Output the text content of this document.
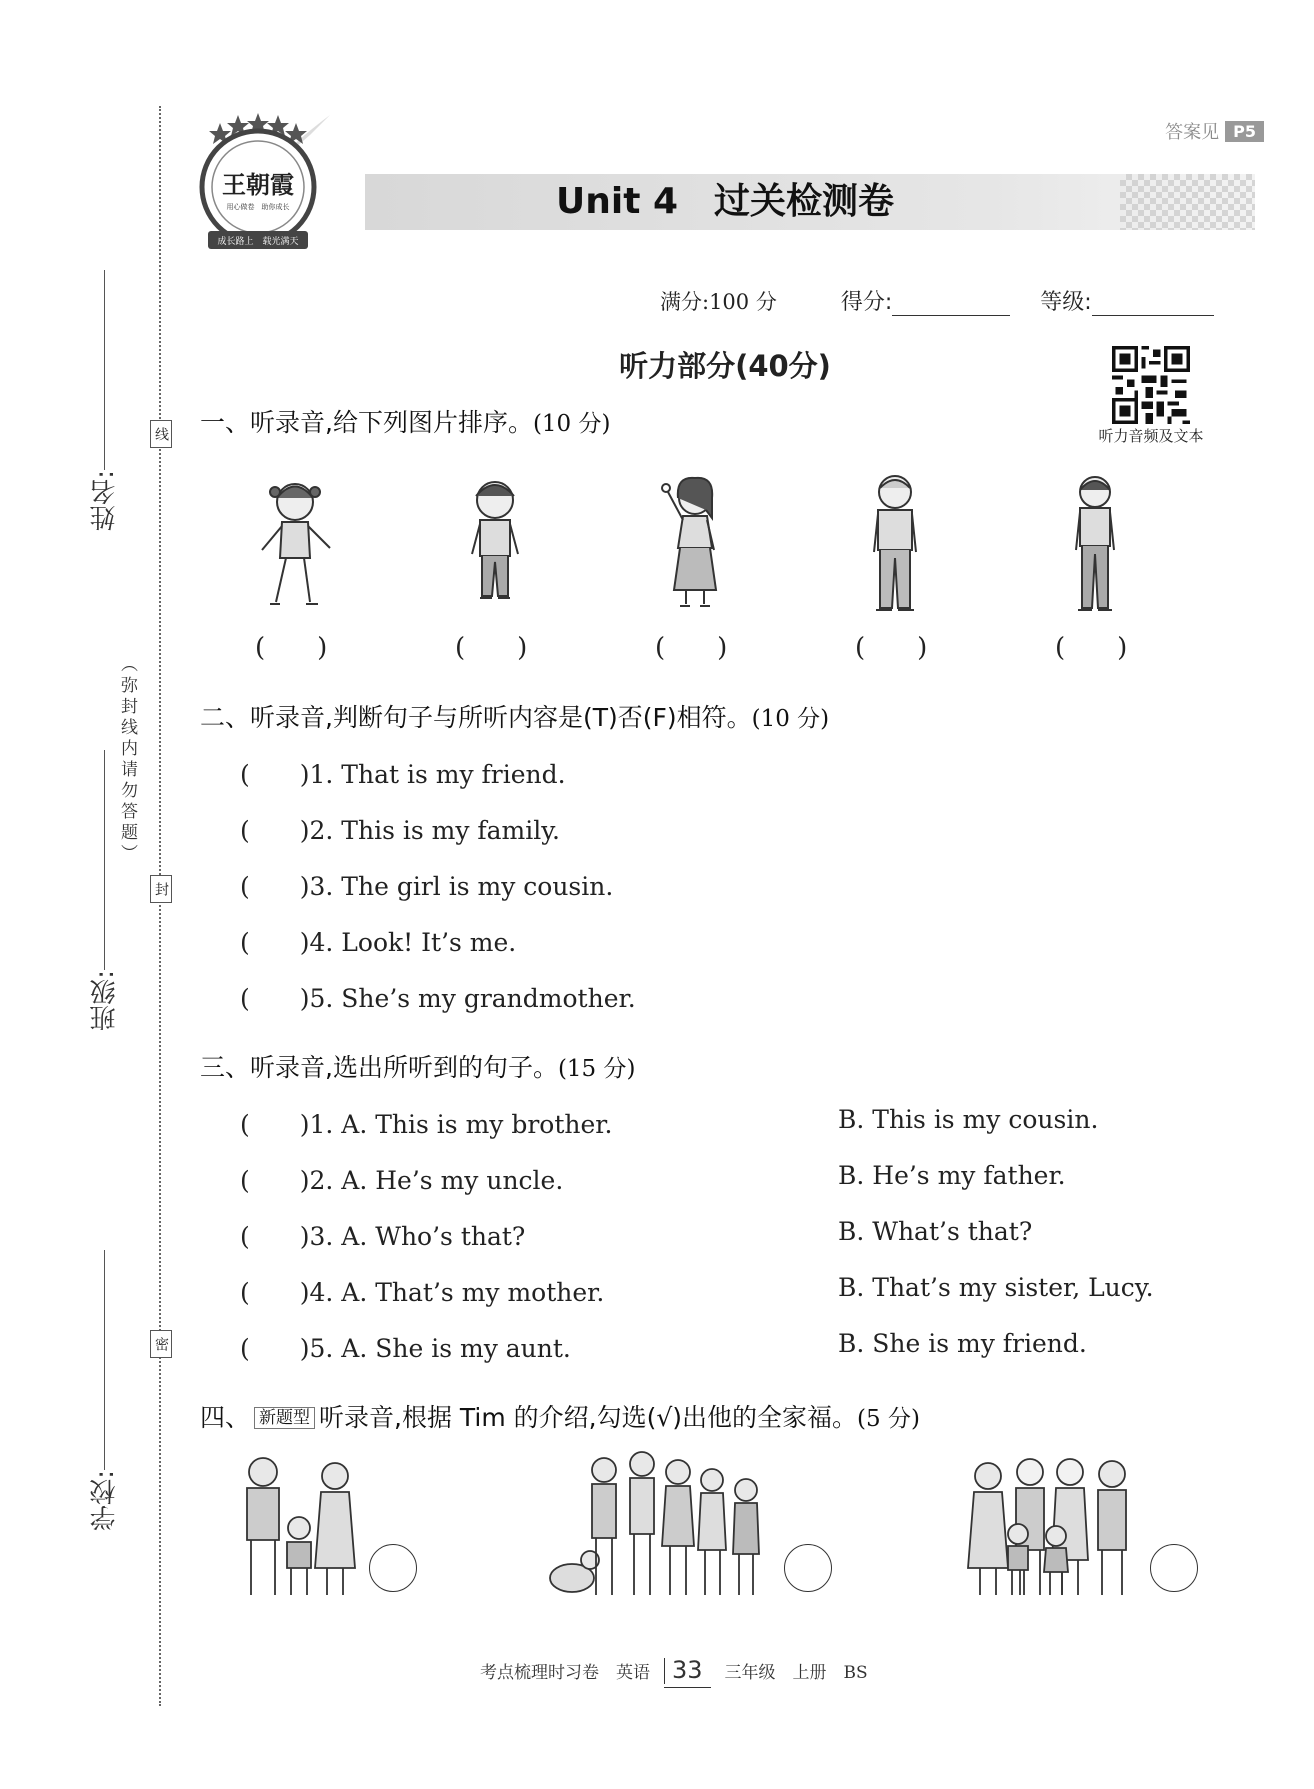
姓名:
班级:
学校:
（弥封线内请勿答题）
线
封
密
答案见 P5
Unit 4　过关检测卷
王朝霞
用心做卷　助你成长
成长路上　载光满天
满分:100 分	得分:	等级:
听力部分(40分)
听力音频及文本
一、听录音,给下列图片排序。(10 分)
(　　)	(　　)	(　　)	(　　)	(　　)
二、听录音,判断句子与所听内容是(T)否(F)相符。(10 分)
(　　)1. That is my friend.
(　　)2. This is my family.
(　　)3. The girl is my cousin.
(　　)4. Look! It’s me.
(　　)5. She’s my grandmother.
三、听录音,选出所听到的句子。(15 分)
(　　)1. A. This is my brother.	B. This is my cousin.
(　　)2. A. He’s my uncle.	B. He’s my father.
(　　)3. A. Who’s that?	B. What’s that?
(　　)4. A. That’s my mother.	B. That’s my sister, Lucy.
(　　)5. A. She is my aunt.	B. She is my friend.
四、 新题型 听录音,根据 Tim 的介绍,勾选(√)出他的全家福。(5 分)
考点梳理时习卷　英语 33 三年级　上册　BS
